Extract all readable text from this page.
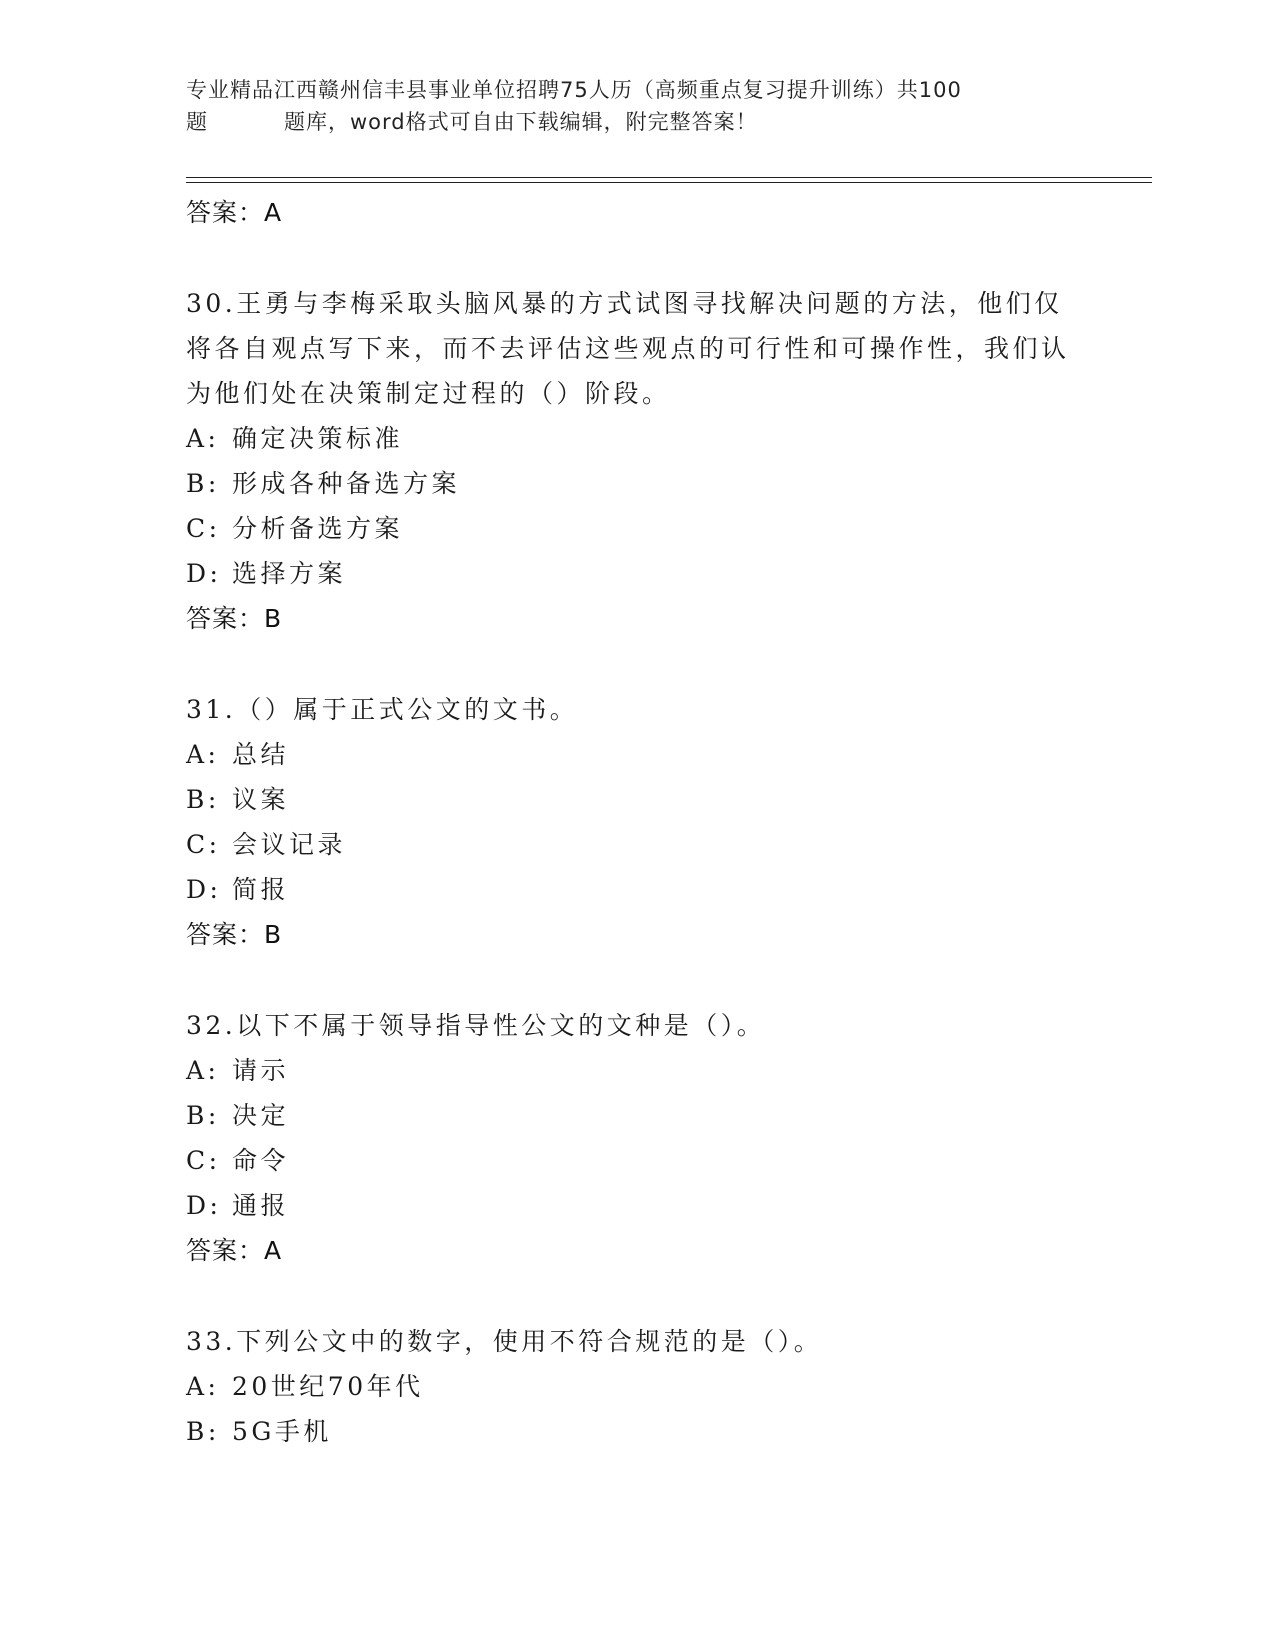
专业精品江西赣州信丰县事业单位招聘75人历（高频重点复习提升训练）共100
题	题库，word格式可自由下载编辑，附完整答案！
答案：A
30.王勇与李梅采取头脑风暴的方式试图寻找解决问题的方法，他们仅将各自观点写下来，而不去评估这些观点的可行性和可操作性，我们认为他们处在决策制定过程的（）阶段。
A: 确定决策标准
B: 形成各种备选方案
C: 分析备选方案
D: 选择方案
答案：B
31.（）属于正式公文的文书。
A: 总结
B: 议案
C: 会议记录
D: 简报
答案：B
32.以下不属于领导指导性公文的文种是（）。
A: 请示
B: 决定
C: 命令
D: 通报
答案：A
33.下列公文中的数字，使用不符合规范的是（）。
A: 20世纪70年代
B: 5G手机
